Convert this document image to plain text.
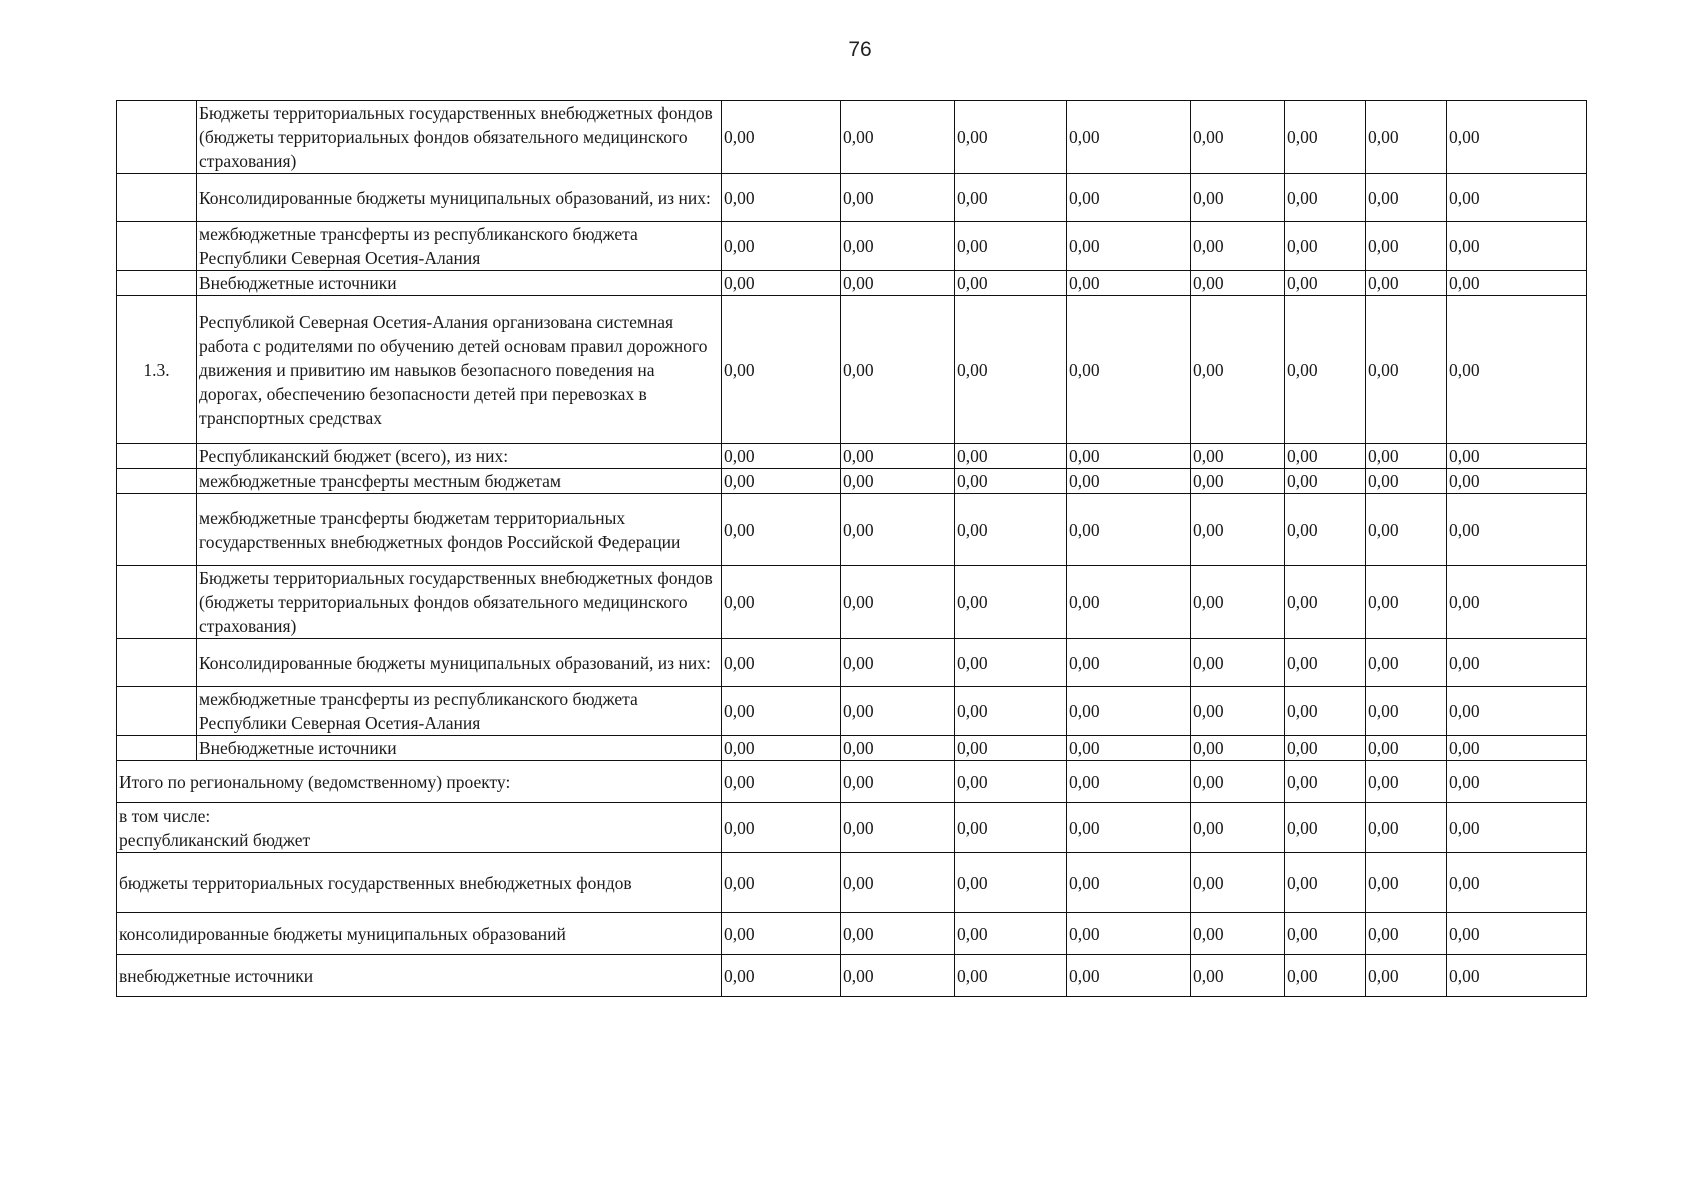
76
	Бюджеты территориальных государственных внебюджетных фондов (бюджеты территориальных фондов обязательного медицинского страхования)	0,00	0,00	0,00	0,00	0,00	0,00	0,00	0,00
	Консолидированные бюджеты муниципальных образований, из них:	0,00	0,00	0,00	0,00	0,00	0,00	0,00	0,00
	межбюджетные трансферты из республиканского бюджета Республики Северная Осетия-Алания	0,00	0,00	0,00	0,00	0,00	0,00	0,00	0,00
	Внебюджетные источники	0,00	0,00	0,00	0,00	0,00	0,00	0,00	0,00
1.3.	Республикой Северная Осетия-Алания организована системная работа с родителями по обучению детей основам правил дорожного движения и привитию им навыков безопасного поведения на дорогах, обеспечению безопасности детей при перевозках в транспортных средствах	0,00	0,00	0,00	0,00	0,00	0,00	0,00	0,00
	Республиканский бюджет (всего), из них:	0,00	0,00	0,00	0,00	0,00	0,00	0,00	0,00
	межбюджетные трансферты местным бюджетам	0,00	0,00	0,00	0,00	0,00	0,00	0,00	0,00
	межбюджетные трансферты бюджетам территориальных государственных внебюджетных фондов Российской Федерации	0,00	0,00	0,00	0,00	0,00	0,00	0,00	0,00
	Бюджеты территориальных государственных внебюджетных фондов (бюджеты территориальных фондов обязательного медицинского страхования)	0,00	0,00	0,00	0,00	0,00	0,00	0,00	0,00
	Консолидированные бюджеты муниципальных образований, из них:	0,00	0,00	0,00	0,00	0,00	0,00	0,00	0,00
	межбюджетные трансферты из республиканского бюджета Республики Северная Осетия-Алания	0,00	0,00	0,00	0,00	0,00	0,00	0,00	0,00
	Внебюджетные источники	0,00	0,00	0,00	0,00	0,00	0,00	0,00	0,00
Итого по региональному (ведомственному) проекту:		0,00	0,00	0,00	0,00	0,00	0,00	0,00	0,00

в том числе:
республиканский бюджет		0,00	0,00	0,00	0,00	0,00	0,00	0,00	0,00
бюджеты территориальных государственных внебюджетных фондов		0,00	0,00	0,00	0,00	0,00	0,00	0,00	0,00
консолидированные бюджеты муниципальных образований		0,00	0,00	0,00	0,00	0,00	0,00	0,00	0,00
внебюджетные источники		0,00	0,00	0,00	0,00	0,00	0,00	0,00	0,00
